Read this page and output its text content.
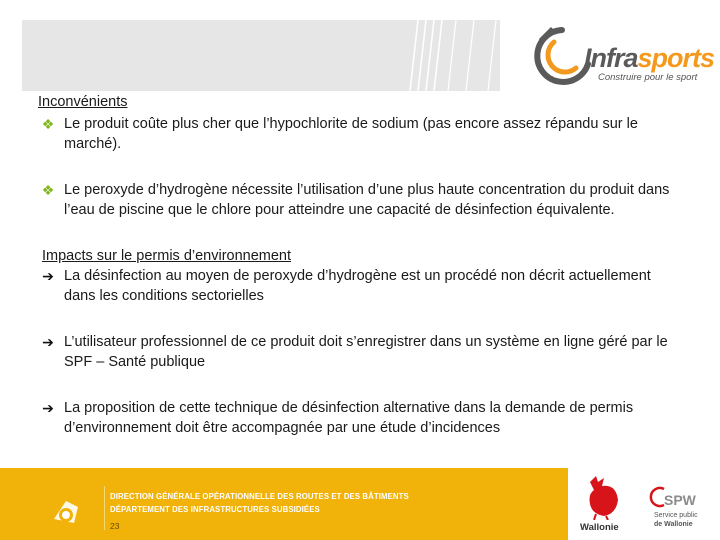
Infrasports
Construire pour le sport

Inconvénients

❖ Le produit coûte plus cher que l’hypochlorite de sodium (pas encore assez répandu sur le marché).
❖ Le peroxyde d’hydrogène nécessite l’utilisation d’une plus haute concentration du produit dans l’eau de piscine que le chlore pour atteindre une capacité de désinfection équivalente.

Impacts sur le permis d’environnement

➔ La désinfection au moyen de peroxyde d’hydrogène est un procédé non décrit actuellement dans les conditions sectorielles
➔ L’utilisateur professionnel de ce produit doit s’enregistrer dans un système en ligne géré par le SPF – Santé publique
➔ La proposition de cette technique de désinfection alternative dans la demande de permis d’environnement doit être accompagnée par une étude d’incidences
DIRECTION GÉNÉRALE OPÉRATIONNELLE DES ROUTES ET DES BÂTIMENTS
DÉPARTEMENT DES INFRASTRUCTURES SUBSIDIÉES
23	Wallonie
SPW
Service public
de Wallonie
